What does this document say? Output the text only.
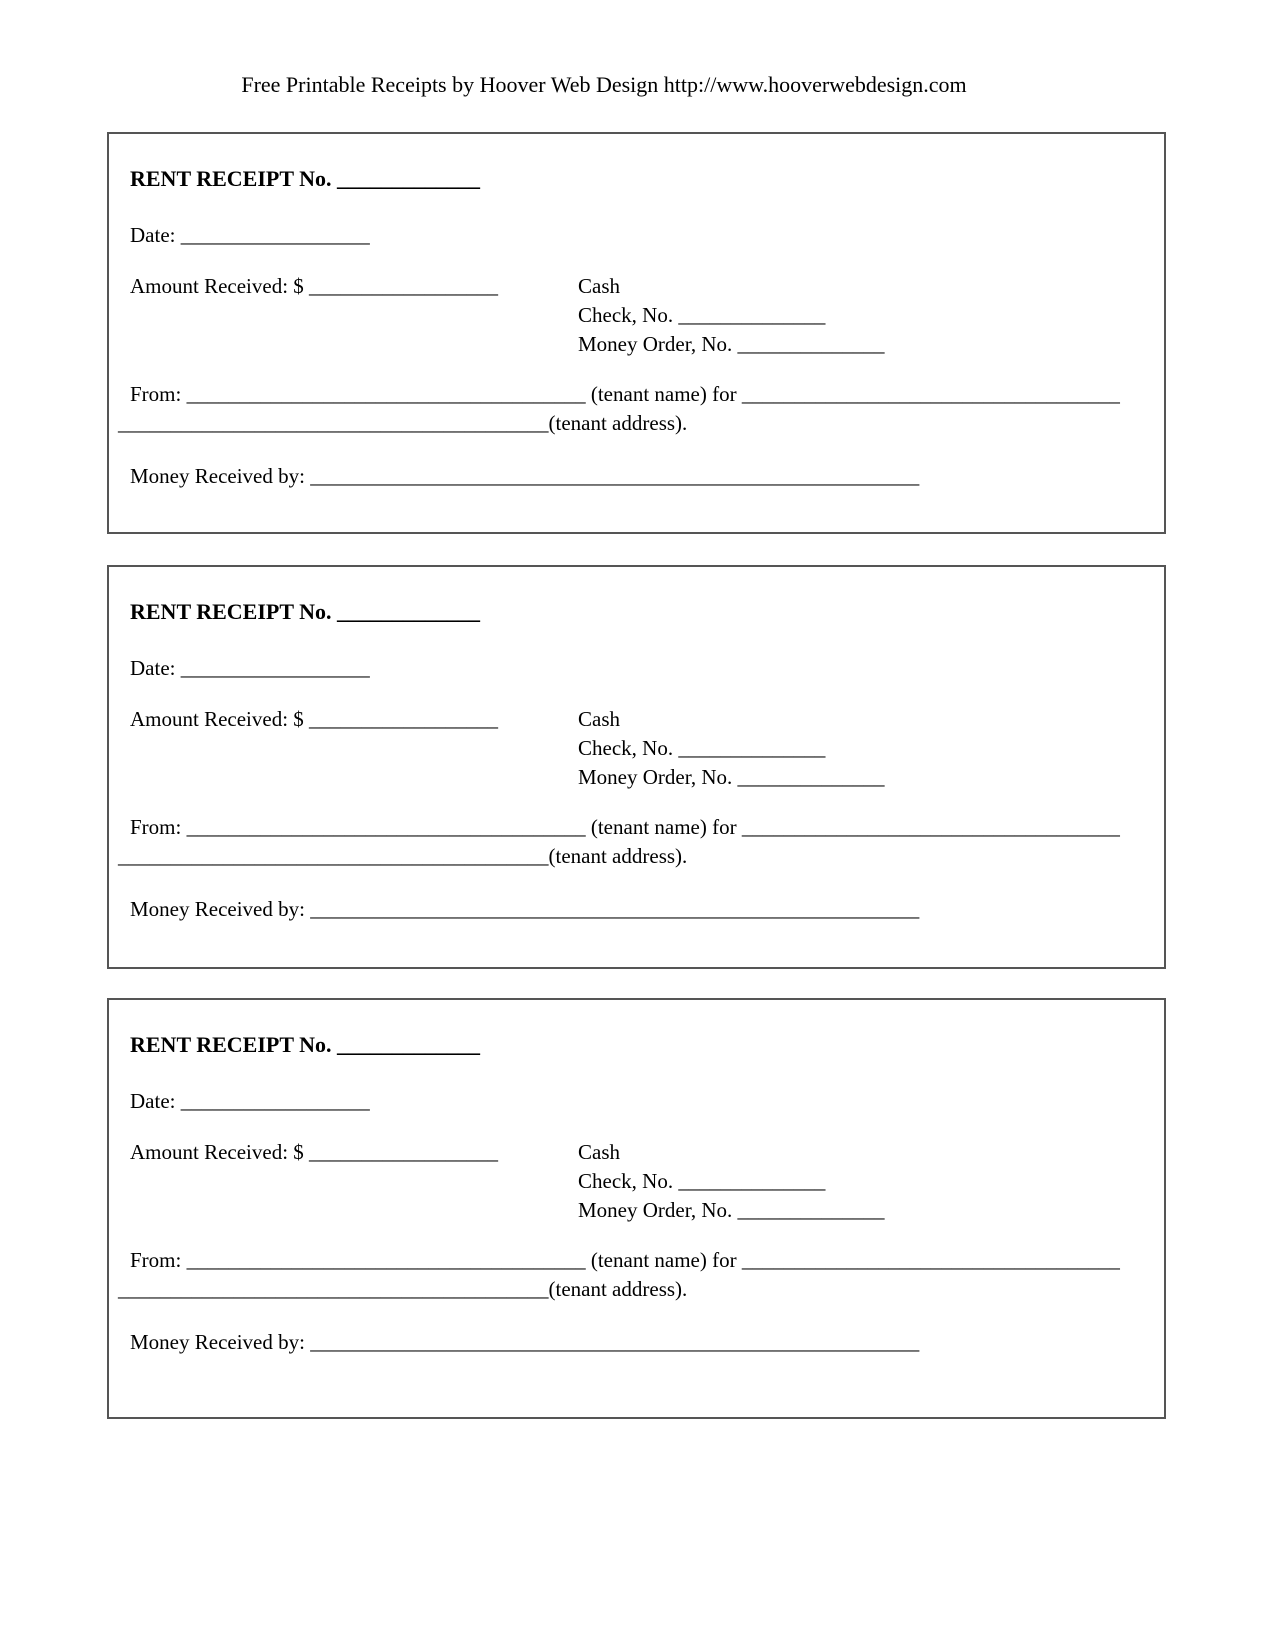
Free Printable Receipts by Hoover Web Design http://www.hooverwebdesign.com
RENT RECEIPT No. _____________
Date: __________________
Amount Received: $ __________________	Cash
Check, No. ______________
Money Order, No. ______________
From: ______________________________________ (tenant name) for ____________________________________
_________________________________________(tenant address).
Money Received by: __________________________________________________________
RENT RECEIPT No. _____________
Date: __________________
Amount Received: $ __________________	Cash
Check, No. ______________
Money Order, No. ______________
From: ______________________________________ (tenant name) for ____________________________________
_________________________________________(tenant address).
Money Received by: __________________________________________________________
RENT RECEIPT No. _____________
Date: __________________
Amount Received: $ __________________	Cash
Check, No. ______________
Money Order, No. ______________
From: ______________________________________ (tenant name) for ____________________________________
_________________________________________(tenant address).
Money Received by: __________________________________________________________
